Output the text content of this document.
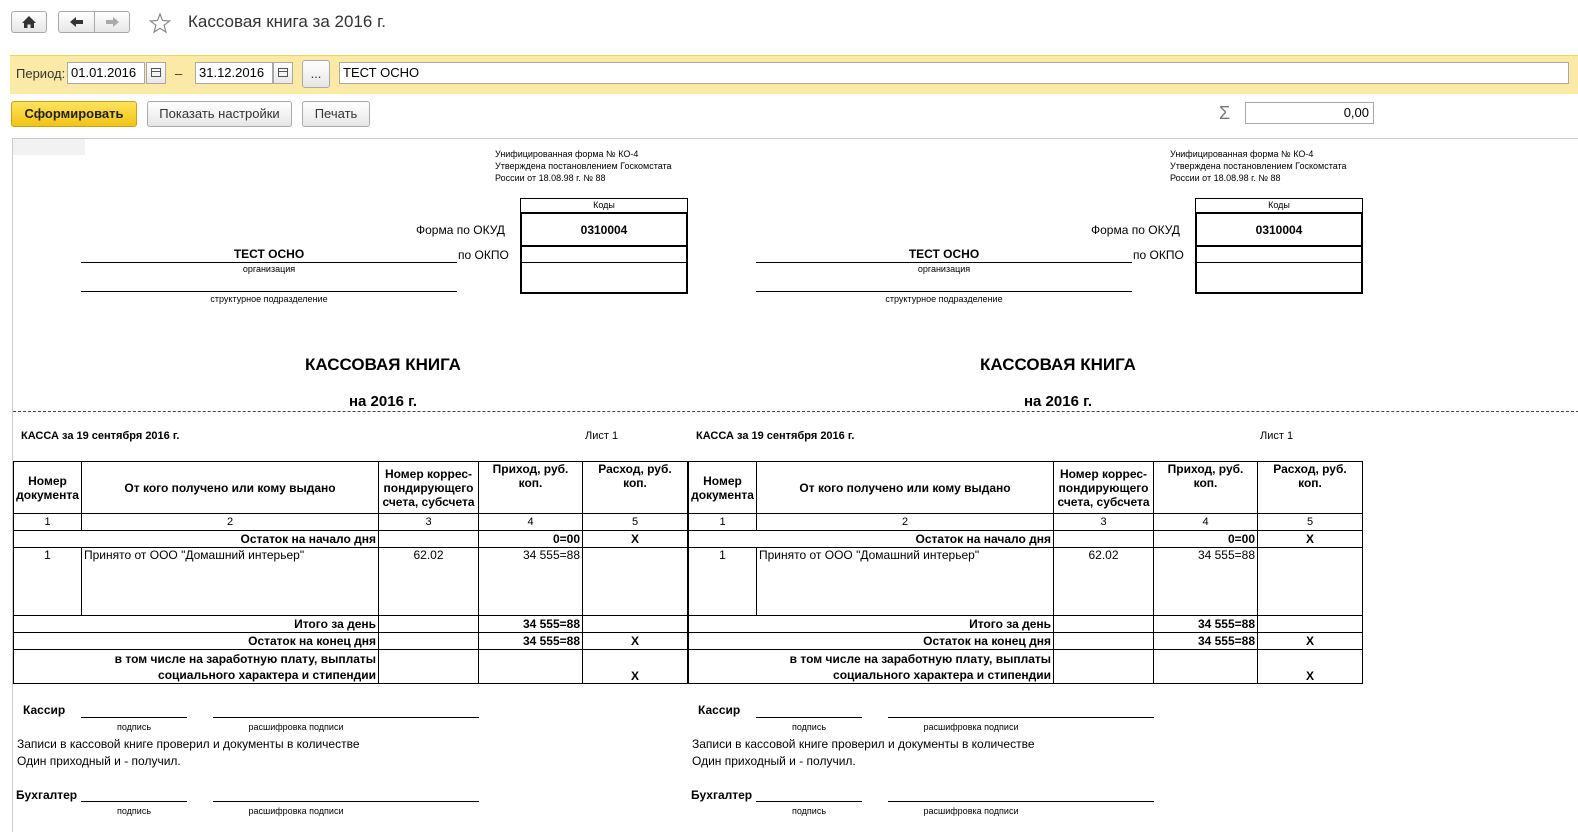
Кассовая книга за 2016 г.
Период: 01.01.2016	–	31.12.2016	...	ТЕСТ ОСНО
Сформировать	Показать настройки	Печать	Σ	0,00
Унифицированная форма № КО-4
Утверждена постановлением Госкомстата
России от 18.08.98 г. № 88
Коды
0310004
Форма по ОКУД
по ОКПО
ТЕСТ ОСНО
организация
структурное подразделение
КАССОВАЯ КНИГА
на 2016 г.
КАССА за 19 сентября 2016 г.	Лист 1
Номер документа	От кого получено или кому выдано	Номер коррес- пондирующего счета, субсчета	Приход, руб. коп.	Расход, руб. коп.
1	2	3	4	5
Остаток на начало дня			0=00	X
1	Принято от ООО "Домашний интерьер"	62.02	34 555=88	
Итого за день			34 555=88	
Остаток на конец дня			34 555=88	X

в том числе на заработную плату, выплаты
социального характера и стипендии				X
Кассир
подпись	расшифровка подписи
Записи в кассовой книге проверил и документы в количестве
Один приходный и - получил.
Бухгалтер
подпись	расшифровка подписи
Унифицированная форма № КО-4
Утверждена постановлением Госкомстата
России от 18.08.98 г. № 88
Коды
0310004
Форма по ОКУД
по ОКПО
ТЕСТ ОСНО
организация
структурное подразделение
КАССОВАЯ КНИГА
на 2016 г.
КАССА за 19 сентября 2016 г.	Лист 1
Номер документа	От кого получено или кому выдано	Номер коррес- пондирующего счета, субсчета	Приход, руб. коп.	Расход, руб. коп.
1	2	3	4	5
Остаток на начало дня			0=00	X
1	Принято от ООО "Домашний интерьер"	62.02	34 555=88	
Итого за день			34 555=88	
Остаток на конец дня			34 555=88	X

в том числе на заработную плату, выплаты
социального характера и стипендии				X
Кассир
подпись	расшифровка подписи
Записи в кассовой книге проверил и документы в количестве
Один приходный и - получил.
Бухгалтер
подпись	расшифровка подписи
